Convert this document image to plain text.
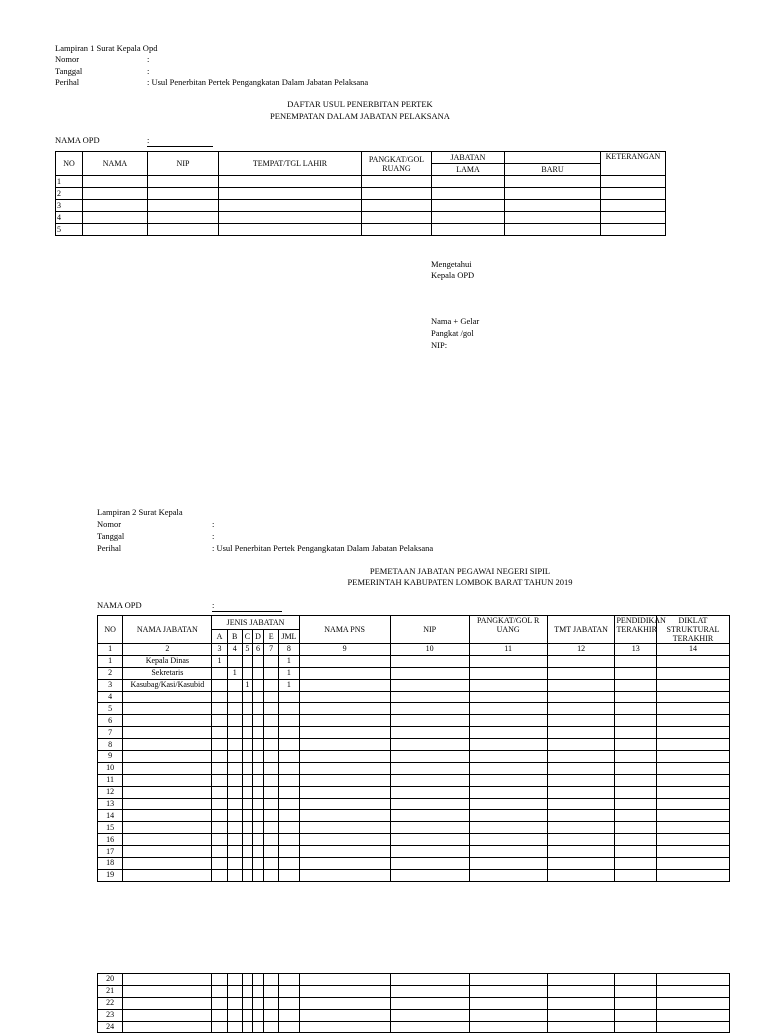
Lampiran 1 Surat Kepala Opd
Nomor	:
Tanggal	:
Perihal	: Usul Penerbitan Pertek Pengangkatan Dalam Jabatan Pelaksana
DAFTAR USUL PENERBITAN PERTEK
PENEMPATAN DALAM JABATAN PELAKSANA
NAMA OPD	:
NO	NAMA	NIP	TEMPAT/TGL LAHIR	PANGKAT/GOL RUANG	JABATAN		KETERANGAN
					LAMA	BARU	
1							
2							
3							
4							
5							
Mengetahui
Kepala OPD
Nama + Gelar
Pangkat /gol
NIP:
Lampiran 2 Surat Kepala
Nomor	:
Tanggal	:
Perihal	: Usul Penerbitan Pertek Pengangkatan Dalam Jabatan Pelaksana
PEMETAAN JABATAN PEGAWAI NEGERI SIPIL
PEMERINTAH KABUPATEN LOMBOK BARAT TAHUN 2019
NAMA OPD	:
NO	NAMA JABATAN	JENIS JABATAN						NAMA PNS	NIP	PANGKAT/GOL R UANG	TMT JABATAN	PENDIDIKAN TERAKHIR	DIKLAT STRUKTURAL TERAKHIR
		A	B	C	D	E	JML						
1	2	3	4	5	6	7	8	9	10	11	12	13	14
1	Kepala Dinas	1					1						
2	Sekretaris		1				1						
3	Kasubag/Kasi/Kasubid			1			1						
4													
5													
6													
7													
8													
9													
10													
11													
12													
13													
14													
15													
16													
17													
18													
19													
20													
21													
22													
23													
24													
